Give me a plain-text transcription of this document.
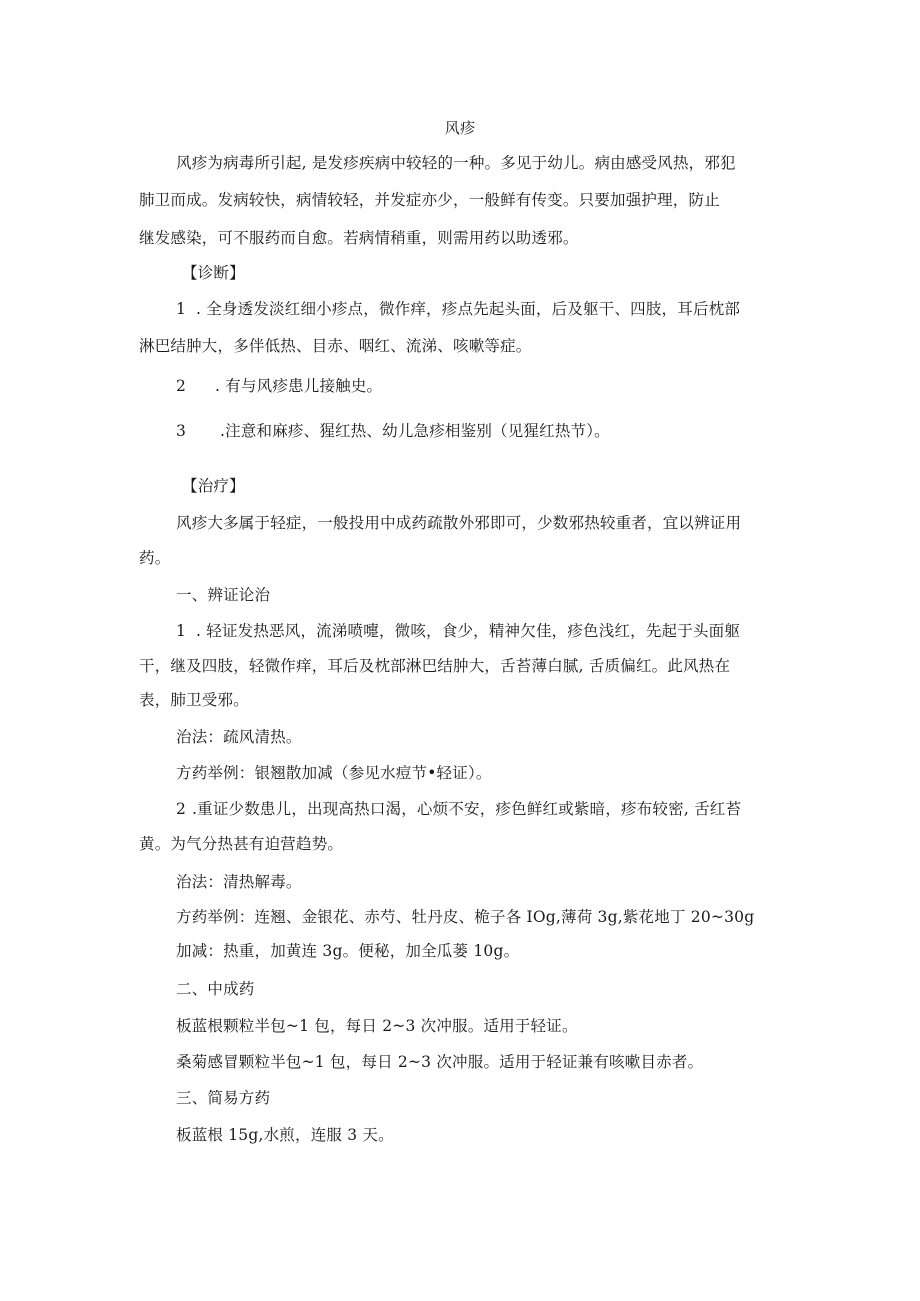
风疹

风疹为病毒所引起, 是发疹疾病中较轻的一种。多见于幼儿。病由感受风热，邪犯

肺卫而成。发病较快，病情较轻，并发症亦少，一般鲜有传变。只要加强护理，防止

继发感染，可不服药而自愈。若病情稍重，则需用药以助透邪。

【诊断】

1 . 全身透发淡红细小疹点，微作痒，疹点先起头面，后及躯干、四肢，耳后枕部

淋巴结肿大，多伴低热、目赤、咽红、流涕、咳嗽等症。

2 . 有与风疹患儿接触史。

3 .注意和麻疹、猩红热、幼儿急疹相鉴别（见猩红热节）。

【治疗】

风疹大多属于轻症，一般投用中成药疏散外邪即可，少数邪热较重者，宜以辨证用

药。

一、辨证论治

1 . 轻证发热恶风，流涕喷嚏，微咳，食少，精神欠佳，疹色浅红，先起于头面躯

干，继及四肢，轻微作痒，耳后及枕部淋巴结肿大，舌苔薄白腻, 舌质偏红。此风热在

表，肺卫受邪。

治法：疏风清热。

方药举例：银翘散加减（参见水痘节•轻证）。

2 .重证少数患儿，出现高热口渴，心烦不安，疹色鲜红或紫暗，疹布较密, 舌红苔

黄。为气分热甚有迫营趋势。

治法：清热解毒。

方药举例：连翘、金银花、赤芍、牡丹皮、桅子各 IOg,薄荷 3g,紫花地丁 20~30g

加减：热重，加黄连 3g。便秘，加全瓜蒌 10g。

二、中成药

板蓝根颗粒半包~1 包，每日 2~3 次冲服。适用于轻证。

桑菊感冒颗粒半包~1 包，每日 2~3 次冲服。适用于轻证兼有咳嗽目赤者。

三、简易方药

板蓝根 15g,水煎，连服 3 天。
